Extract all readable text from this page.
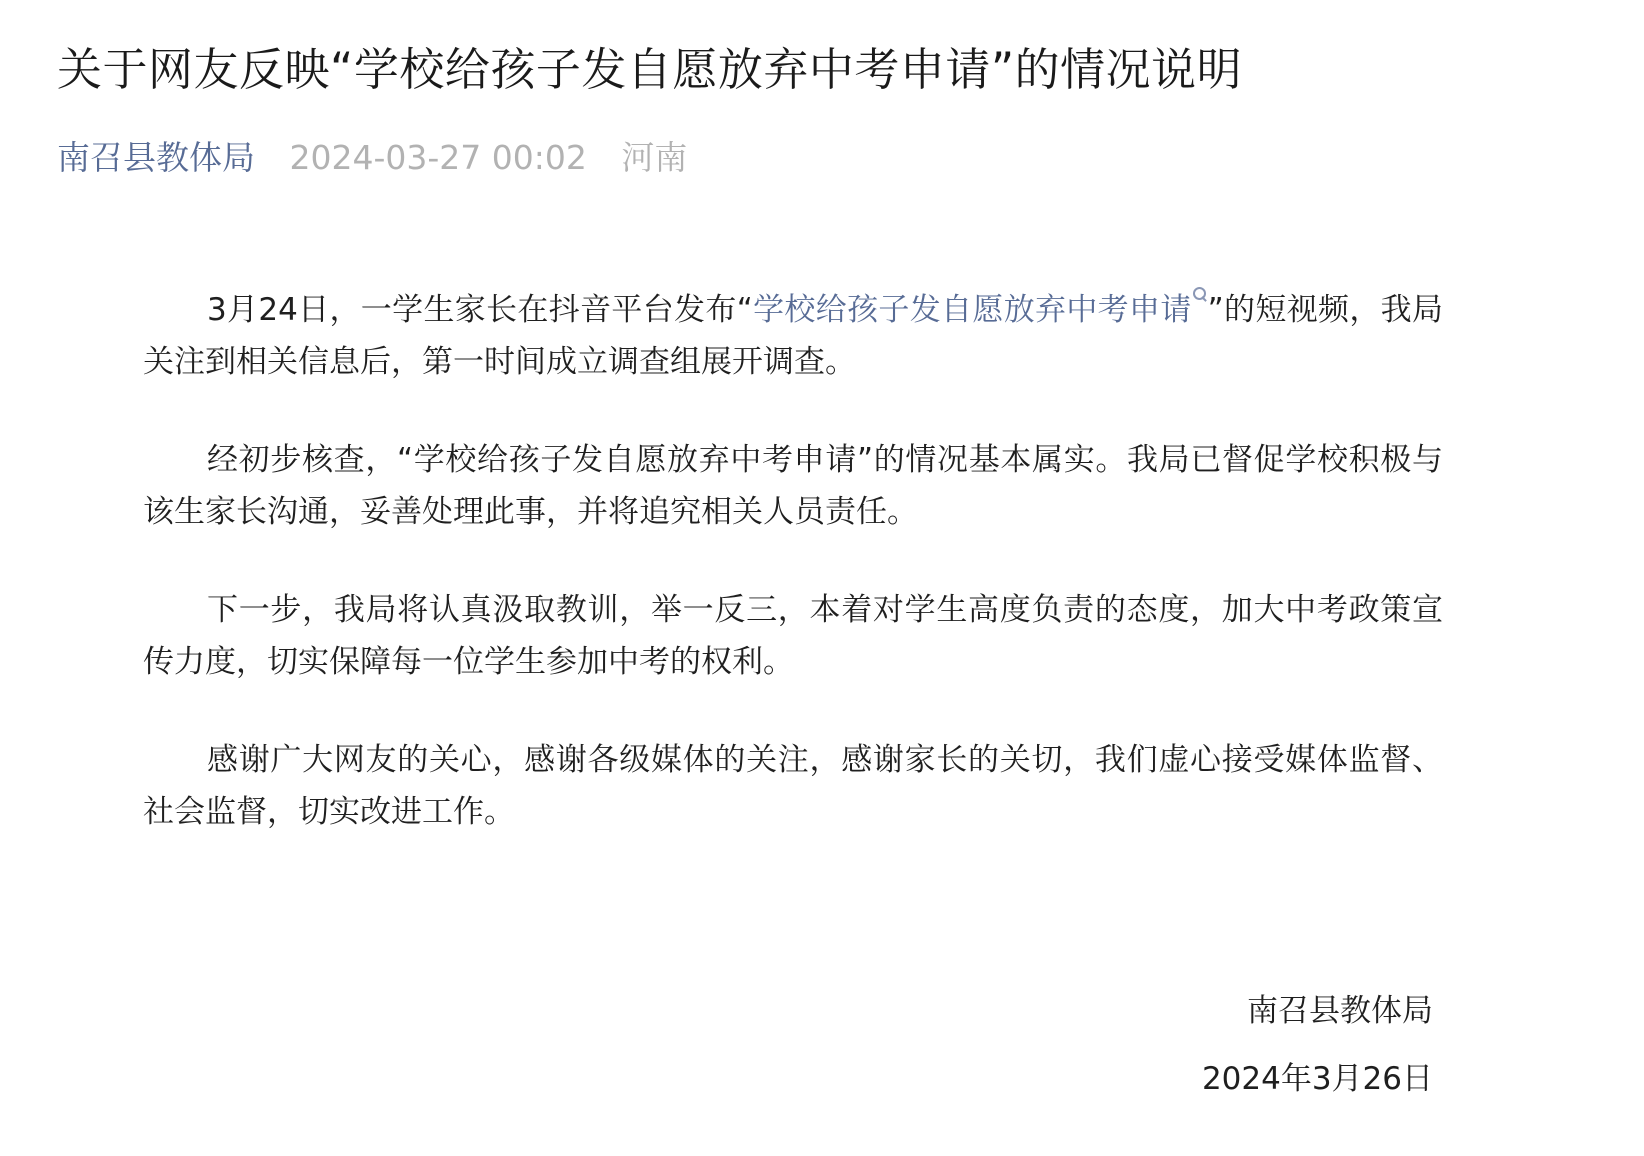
关于网友反映“学校给孩子发自愿放弃中考申请”的情况说明
南召县教体局 2024-03-27 00:02 河南

3月24日，一学生家长在抖音平台发布“学校给孩子发自愿放弃中考申请 ”的短视频，我局关注到相关信息后，第一时间成立调查组展开调查。

经初步核查，“学校给孩子发自愿放弃中考申请”的情况基本属实。我局已督促学校积极与该生家长沟通，妥善处理此事，并将追究相关人员责任。

下一步，我局将认真汲取教训，举一反三，本着对学生高度负责的态度，加大中考政策宣传力度，切实保障每一位学生参加中考的权利。

感谢广大网友的关心，感谢各级媒体的关注，感谢家长的关切，我们虚心接受媒体监督、社会监督，切实改进工作。

南召县教体局
2024年3月26日
